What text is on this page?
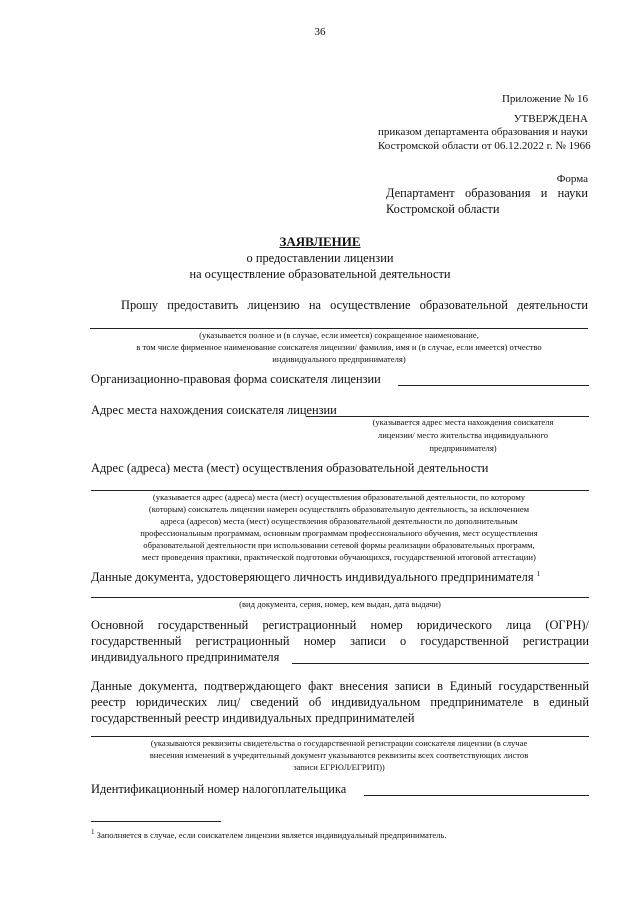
36
Приложение № 16
УТВЕРЖДЕНА
приказом департамента образования и науки
Костромской области от 06.12.2022 г. № 1966
Форма
Департамент образования и науки
Костромской области
ЗАЯВЛЕНИЕ
о предоставлении лицензии
на осуществление образовательной деятельности
Прошу предоставить лицензию на осуществление образовательной деятельности
(указывается полное и (в случае, если имеется) сокращенное наименование,
в том числе фирменное наименование соискателя лицензии/ фамилия, имя и (в случае, если имеется) отчество
индивидуального предпринимателя)
Организационно-правовая форма соискателя лицензии
Адрес места нахождения соискателя лицензии
(указывается адрес места нахождения соискателя
лицензии/ место жительства индивидуального
предпринимателя)
Адрес (адреса) места (мест) осуществления образовательной деятельности
(указывается адрес (адреса) места (мест) осуществления образовательной деятельности, по которому
(которым) соискатель лицензии намерен осуществлять образовательную деятельность, за исключением
адреса (адресов) места (мест) осуществления образовательной деятельности по дополнительным
профессиональным программам, основным программам профессионального обучения, мест осуществления
образовательной деятельности при использовании сетевой формы реализации образовательных программ,
мест проведения практики, практической подготовки обучающихся, государственной итоговой аттестации)
Данные документа, удостоверяющего личность индивидуального предпринимателя $^1$
(вид документа, серия, номер, кем выдан, дата выдачи)
Основной государственный регистрационный номер юридического лица (ОГРН)/
государственный регистрационный номер записи о государственной регистрации
индивидуального предпринимателя
Данные документа, подтверждающего факт внесения записи в Единый государственный
реестр юридических лиц/ сведений об индивидуальном предпринимателе в единый
государственный реестр индивидуальных предпринимателей
(указываются реквизиты свидетельства о государственной регистрации соискателя лицензии (в случае
внесения изменений в учредительный документ указываются реквизиты всех соответствующих листов
записи ЕГРЮЛ/ЕГРИП))
Идентификационный номер налогоплательщика
$^1$ Заполняется в случае, если соискателем лицензии является индивидуальный предприниматель.
